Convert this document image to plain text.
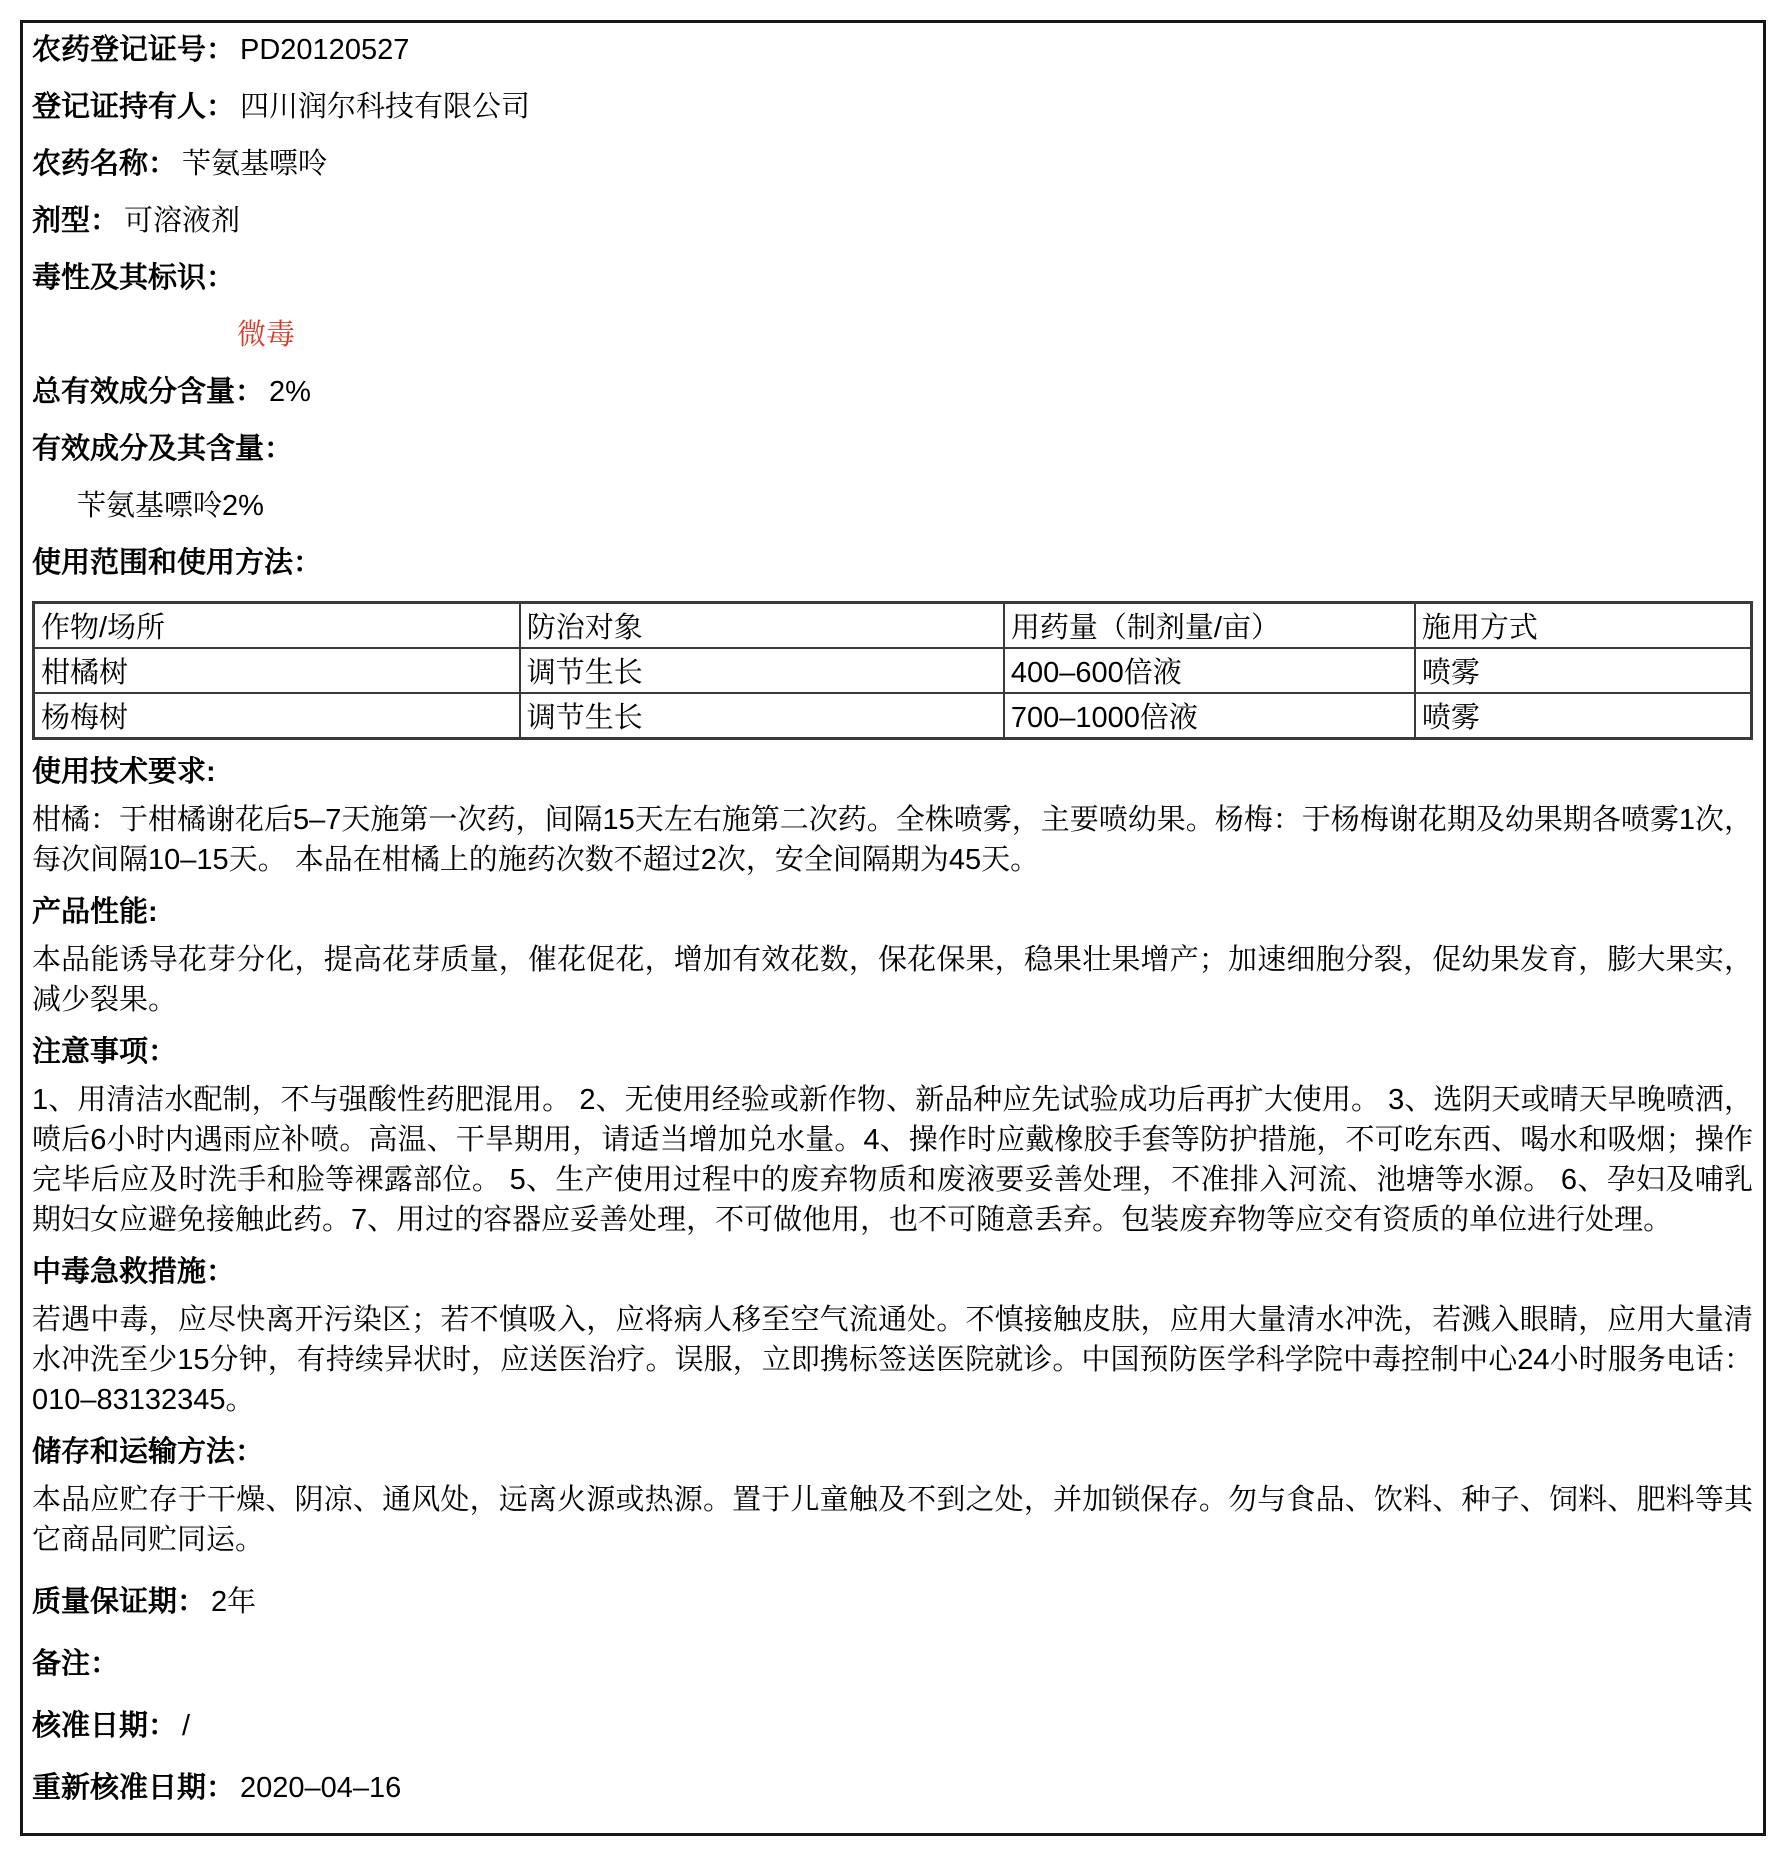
农药登记证号： PD20120527
登记证持有人： 四川润尔科技有限公司
农药名称： 苄氨基嘌呤
剂型： 可溶液剂
毒性及其标识：
微毒
总有效成分含量： 2%
有效成分及其含量：
苄氨基嘌呤2%
使用范围和使用方法：
作物/场所	防治对象	用药量（制剂量/亩）	施用方式
柑橘树	调节生长	400–600倍液	喷雾
杨梅树	调节生长	700–1000倍液	喷雾
使用技术要求:
柑橘：于柑橘谢花后5–7天施第一次药，间隔15天左右施第二次药。全株喷雾，主要喷幼果。杨梅：于杨梅谢花期及幼果期各喷雾1次，每次间隔10–15天。 本品在柑橘上的施药次数不超过2次，安全间隔期为45天。
产品性能:
本品能诱导花芽分化，提高花芽质量，催花促花，增加有效花数，保花保果，稳果壮果增产；加速细胞分裂，促幼果发育，膨大果实，减少裂果。
注意事项：
1、用清洁水配制，不与强酸性药肥混用。 2、无使用经验或新作物、新品种应先试验成功后再扩大使用。 3、选阴天或晴天早晚喷洒，喷后6小时内遇雨应补喷。高温、干旱期用，请适当增加兑水量。4、操作时应戴橡胶手套等防护措施，不可吃东西、喝水和吸烟；操作完毕后应及时洗手和脸等裸露部位。 5、生产使用过程中的废弃物质和废液要妥善处理，不准排入河流、池塘等水源。 6、孕妇及哺乳期妇女应避免接触此药。7、用过的容器应妥善处理，不可做他用，也不可随意丢弃。包装废弃物等应交有资质的单位进行处理。
中毒急救措施：
若遇中毒，应尽快离开污染区；若不慎吸入，应将病人移至空气流通处。不慎接触皮肤，应用大量清水冲洗，若溅入眼睛，应用大量清水冲洗至少15分钟，有持续异状时，应送医治疗。误服，立即携标签送医院就诊。中国预防医学科学院中毒控制中心24小时服务电话：010–83132345。
储存和运输方法：
本品应贮存于干燥、阴凉、通风处，远离火源或热源。置于儿童触及不到之处，并加锁保存。勿与食品、饮料、种子、饲料、肥料等其它商品同贮同运。
质量保证期： 2年
备注：
核准日期： /
重新核准日期： 2020–04–16
